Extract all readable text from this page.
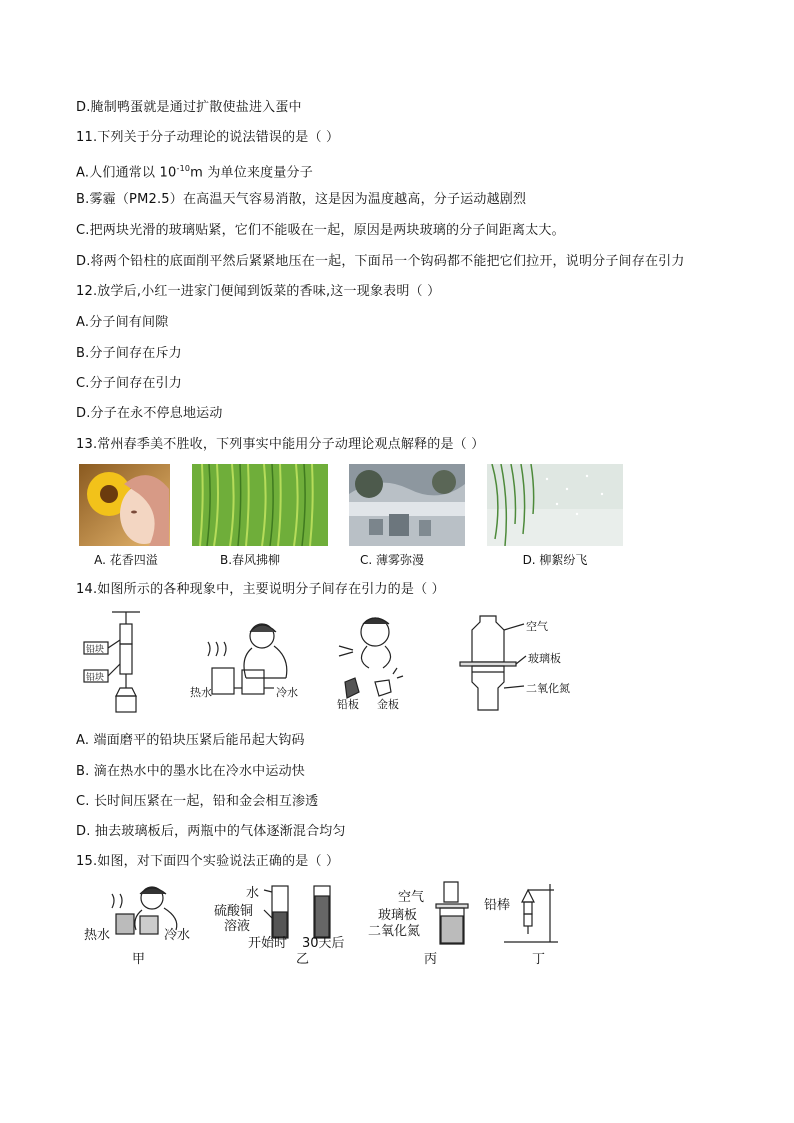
D.腌制鸭蛋就是通过扩散使盐进入蛋中
11.下列关于分子动理论的说法错误的是（ ）
A.人们通常以 $10^{-10}m$ 为单位来度量分子
B.雾霾（PM2.5）在高温天气容易消散，这是因为温度越高，分子运动越剧烈
C.把两块光滑的玻璃贴紧，它们不能吸在一起，原因是两块玻璃的分子间距离太大。
D.将两个铅柱的底面削平然后紧紧地压在一起，下面吊一个钩码都不能把它们拉开，说明分子间存在引力
12.放学后,小红一进家门便闻到饭菜的香味,这一现象表明（ ）
A.分子间有间隙
B.分子间存在斥力
C.分子间存在引力
D.分子在永不停息地运动
13.常州春季美不胜收，下列事实中能用分子动理论观点解释的是（ ）
A. 花香四溢	B.春风拂柳	C. 薄雾弥漫	D. 柳絮纷飞
14.如图所示的各种现象中，主要说明分子间存在引力的是（ ）
铅块
铅块
热水	冷水
铅板 金板
空气
玻璃板
二氧化氮
A. 端面磨平的铅块压紧后能吊起大钩码
B. 滴在热水中的墨水比在冷水中运动快
C. 长时间压紧在一起，铅和金会相互渗透
D. 抽去玻璃板后，两瓶中的气体逐渐混合均匀
15.如图，对下面四个实验说法正确的是（ ）
热水	冷水
甲
水
硫酸铜
溶液
开始时 30天后
乙
空气
玻璃板
二氧化氮
丙
铅棒
丁
